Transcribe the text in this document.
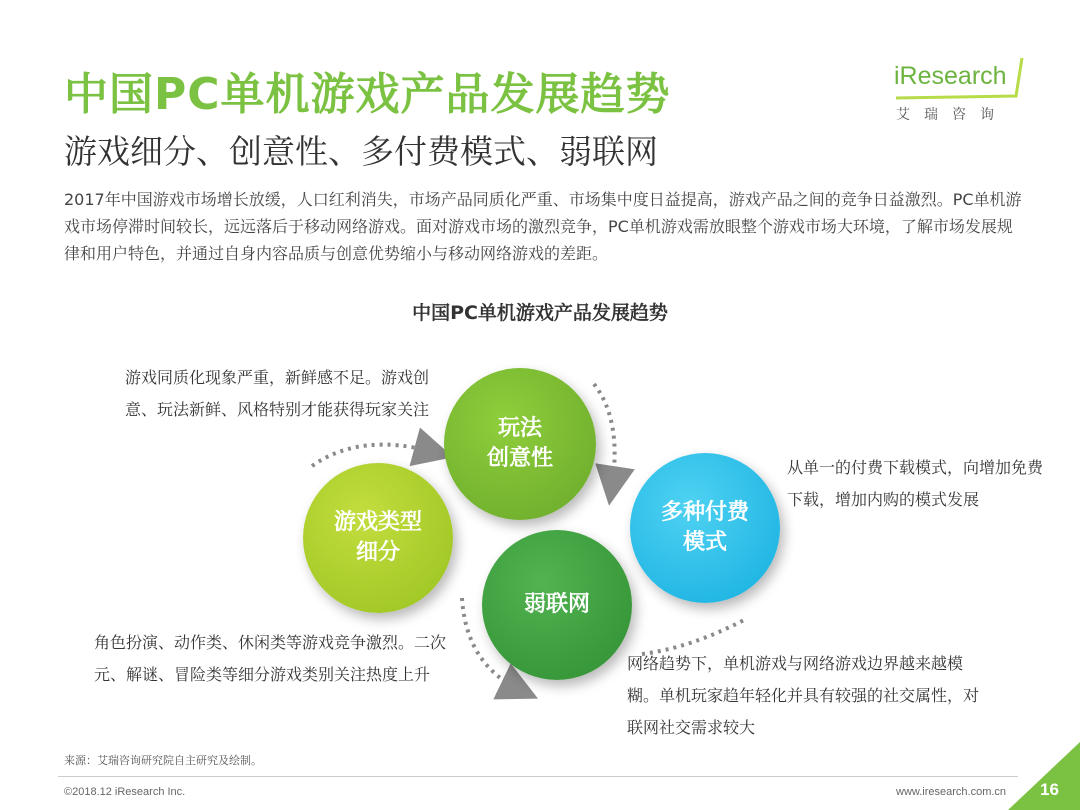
中国PC单机游戏产品发展趋势
游戏细分、创意性、多付费模式、弱联网
iResearch
艾瑞咨询
2017年中国游戏市场增长放缓，人口红利消失，市场产品同质化严重、市场集中度日益提高，游戏产品之间的竞争日益激烈。PC单机游戏市场停滞时间较长，远远落后于移动网络游戏。面对游戏市场的激烈竞争，PC单机游戏需放眼整个游戏市场大环境，了解市场发展规律和用户特色，并通过自身内容品质与创意优势缩小与移动网络游戏的差距。
中国PC单机游戏产品发展趋势
玩法
创意性
游戏类型
细分
弱联网
多种付费
模式
游戏同质化现象严重，新鲜感不足。游戏创意、玩法新鲜、风格特别才能获得玩家关注
从单一的付费下载模式，向增加免费下载，增加内购的模式发展
角色扮演、动作类、休闲类等游戏竞争激烈。二次元、解谜、冒险类等细分游戏类别关注热度上升
网络趋势下，单机游戏与网络游戏边界越来越模糊。单机玩家趋年轻化并具有较强的社交属性，对联网社交需求较大
来源：艾瑞咨询研究院自主研究及绘制。
©2018.12 iResearch Inc.	www.iresearch.com.cn 16
